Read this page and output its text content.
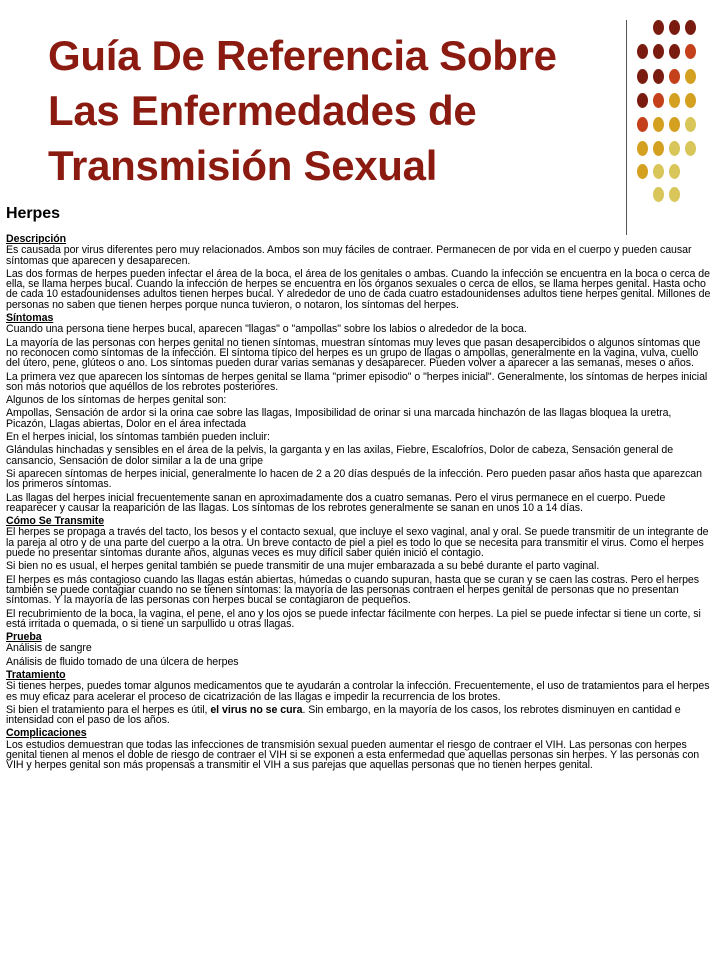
Guía De Referencia Sobre Las Enfermedades de Transmisión Sexual
Herpes
Descripción

Es causada por virus diferentes pero muy relacionados. Ambos son muy fáciles de contraer. Permanecen de por vida en el cuerpo y pueden causar síntomas que aparecen y desaparecen.

Las dos formas de herpes pueden infectar el área de la boca, el área de los genitales o ambas. Cuando la infección se encuentra en la boca o cerca de ella, se llama herpes bucal. Cuando la infección de herpes se encuentra en los órganos sexuales o cerca de ellos, se llama herpes genital. Hasta ocho de cada 10 estadounidenses adultos tienen herpes bucal. Y alrededor de uno de cada cuatro estadounidenses adultos tiene herpes genital. Millones de personas no saben que tienen herpes porque nunca tuvieron, o notaron, los síntomas del herpes.

Síntomas

Cuando una persona tiene herpes bucal, aparecen "llagas" o "ampollas" sobre los labios o alrededor de la boca.

La mayoría de las personas con herpes genital no tienen síntomas, muestran síntomas muy leves que pasan desapercibidos o algunos síntomas que no reconocen como síntomas de la infección. El síntoma típico del herpes es un grupo de llagas o ampollas, generalmente en la vagina, vulva, cuello del útero, pene, glúteos o ano. Los síntomas pueden durar varias semanas y desaparecer. Pueden volver a aparecer a las semanas, meses o años.

La primera vez que aparecen los síntomas de herpes genital se llama "primer episodio" o "herpes inicial". Generalmente, los síntomas de herpes inicial son más notorios que aquéllos de los rebrotes posteriores.

Algunos de los síntomas de herpes genital son:

Ampollas, Sensación de ardor si la orina cae sobre las llagas, Imposibilidad de orinar si una marcada hinchazón de las llagas bloquea la uretra, Picazón, Llagas abiertas, Dolor en el área infectada

En el herpes inicial, los síntomas también pueden incluir:

Glándulas hinchadas y sensibles en el área de la pelvis, la garganta y en las axilas, Fiebre, Escalofríos, Dolor de cabeza, Sensación general de cansancio, Sensación de dolor similar a la de una gripe

Si aparecen síntomas de herpes inicial, generalmente lo hacen de 2 a 20 días después de la infección. Pero pueden pasar años hasta que aparezcan los primeros síntomas.

Las llagas del herpes inicial frecuentemente sanan en aproximadamente dos a cuatro semanas. Pero el virus permanece en el cuerpo. Puede reaparecer y causar la reaparición de las llagas. Los síntomas de los rebrotes generalmente se sanan en unos 10 a 14 días.

Cómo Se Transmite

El herpes se propaga a través del tacto, los besos y el contacto sexual, que incluye el sexo vaginal, anal y oral. Se puede transmitir de un integrante de la pareja al otro y de una parte del cuerpo a la otra. Un breve contacto de piel a piel es todo lo que se necesita para transmitir el virus. Como el herpes puede no presentar síntomas durante años, algunas veces es muy difícil saber quién inició el contagio.

Si bien no es usual, el herpes genital también se puede transmitir de una mujer embarazada a su bebé durante el parto vaginal.

El herpes es más contagioso cuando las llagas están abiertas, húmedas o cuando supuran, hasta que se curan y se caen las costras. Pero el herpes también se puede contagiar cuando no se tienen síntomas: la mayoría de las personas contraen el herpes genital de personas que no presentan síntomas. Y la mayoría de las personas con herpes bucal se contagiaron de pequeños.

El recubrimiento de la boca, la vagina, el pene, el ano y los ojos se puede infectar fácilmente con herpes. La piel se puede infectar si tiene un corte, si está irritada o quemada, o si tiene un sarpullido u otras llagas.

Prueba

Análisis de sangre

Análisis de fluido tomado de una úlcera de herpes

Tratamiento

Si tienes herpes, puedes tomar algunos medicamentos que te ayudarán a controlar la infección. Frecuentemente, el uso de tratamientos para el herpes es muy eficaz para acelerar el proceso de cicatrización de las llagas e impedir la recurrencia de los brotes.

Si bien el tratamiento para el herpes es útil, el virus no se cura. Sin embargo, en la mayoría de los casos, los rebrotes disminuyen en cantidad e intensidad con el paso de los años.

Complicaciones

Los estudios demuestran que todas las infecciones de transmisión sexual pueden aumentar el riesgo de contraer el VIH. Las personas con herpes genital tienen al menos el doble de riesgo de contraer el VIH si se exponen a esta enfermedad que aquellas personas sin herpes. Y las personas con VIH y herpes genital son más propensas a transmitir el VIH a sus parejas que aquellas personas que no tienen herpes genital.
